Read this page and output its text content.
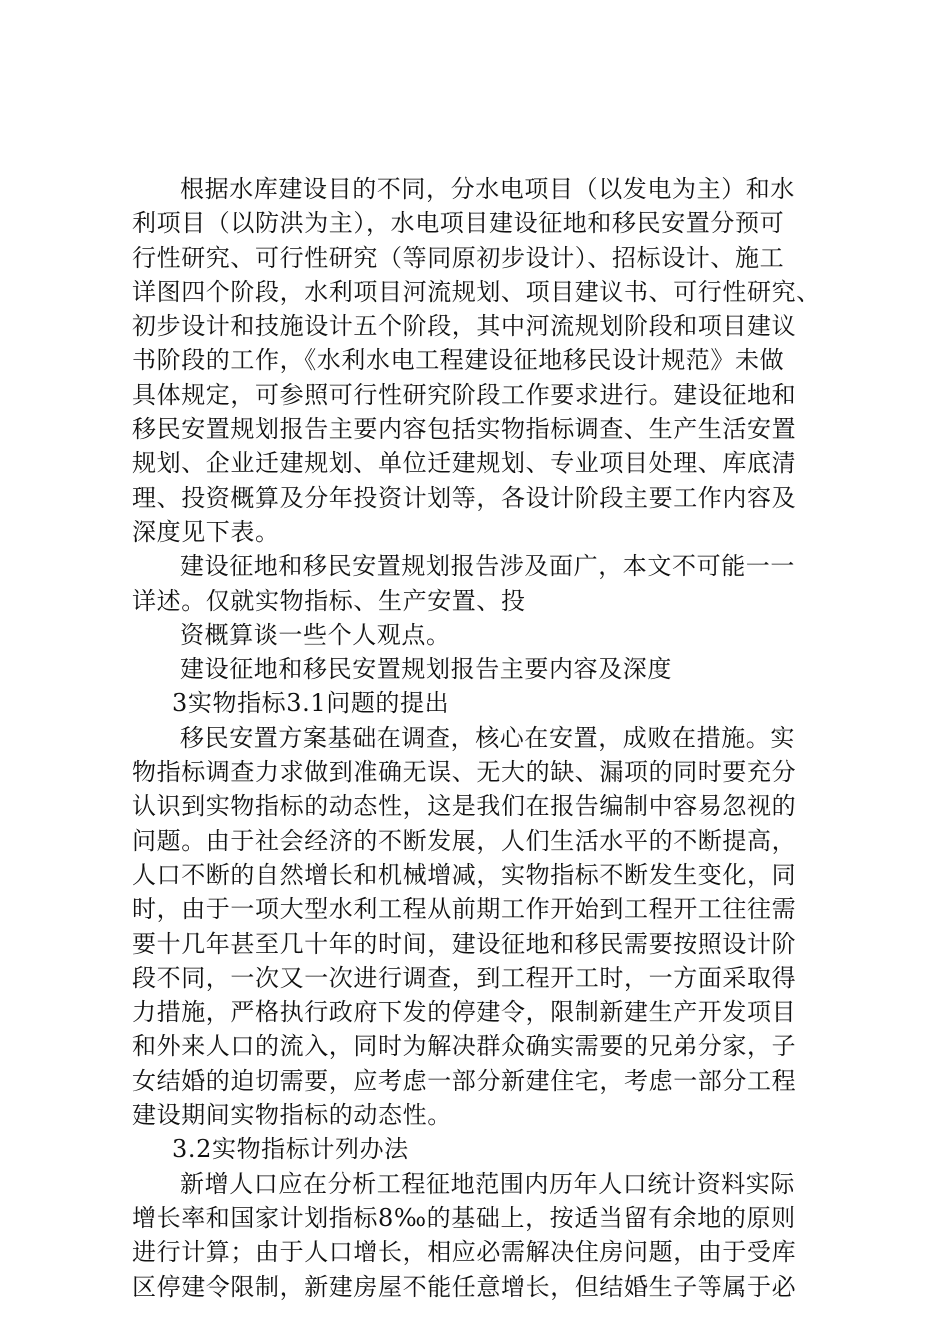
根据水库建设目的不同，分水电项目（以发电为主）和水
利项目（以防洪为主），水电项目建设征地和移民安置分预可
行性研究、可行性研究（等同原初步设计）、招标设计、施工
详图四个阶段，水利项目河流规划、项目建议书、可行性研究、
初步设计和技施设计五个阶段，其中河流规划阶段和项目建议
书阶段的工作，《水利水电工程建设征地移民设计规范》未做
具体规定，可参照可行性研究阶段工作要求进行。建设征地和
移民安置规划报告主要内容包括实物指标调查、生产生活安置
规划、企业迁建规划、单位迁建规划、专业项目处理、库底清
理、投资概算及分年投资计划等，各设计阶段主要工作内容及
深度见下表。
建设征地和移民安置规划报告涉及面广，本文不可能一一
详述。仅就实物指标、生产安置、投
资概算谈一些个人观点。
建设征地和移民安置规划报告主要内容及深度
3实物指标3.1问题的提出
移民安置方案基础在调查，核心在安置，成败在措施。实
物指标调查力求做到准确无误、无大的缺、漏项的同时要充分
认识到实物指标的动态性，这是我们在报告编制中容易忽视的
问题。由于社会经济的不断发展，人们生活水平的不断提高，
人口不断的自然增长和机械增减，实物指标不断发生变化，同
时，由于一项大型水利工程从前期工作开始到工程开工往往需
要十几年甚至几十年的时间，建设征地和移民需要按照设计阶
段不同，一次又一次进行调查，到工程开工时，一方面采取得
力措施，严格执行政府下发的停建令，限制新建生产开发项目
和外来人口的流入，同时为解决群众确实需要的兄弟分家，子
女结婚的迫切需要，应考虑一部分新建住宅，考虑一部分工程
建设期间实物指标的动态性。
3.2实物指标计列办法
新增人口应在分析工程征地范围内历年人口统计资料实际
增长率和国家计划指标8‰的基础上，按适当留有余地的原则
进行计算；由于人口增长，相应必需解决住房问题，由于受库
区停建令限制，新建房屋不能任意增长，但结婚生子等属于必
